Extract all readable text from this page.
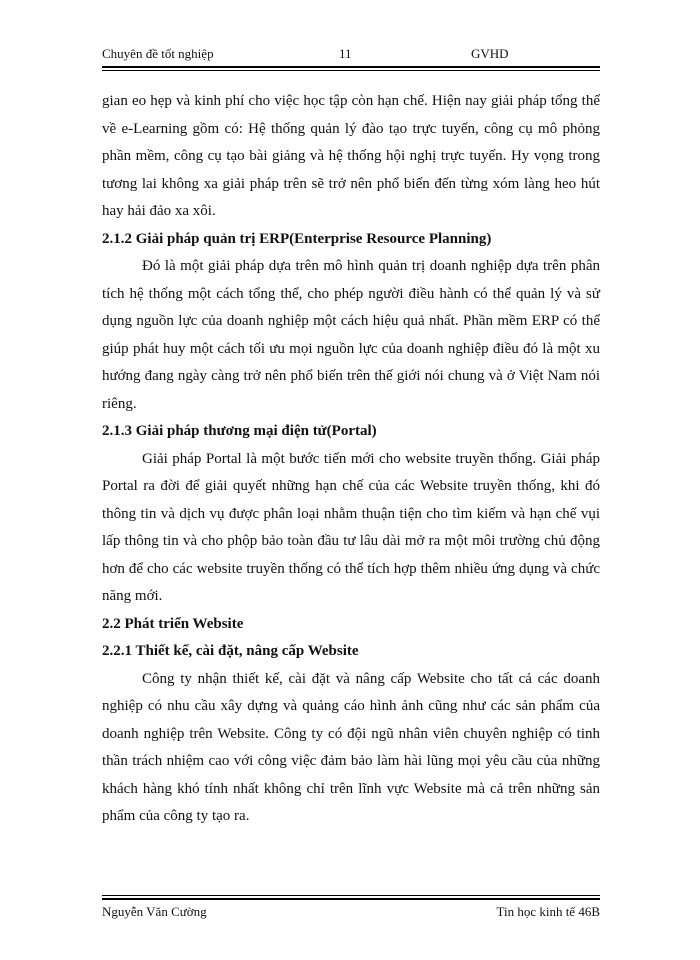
Chuyên đề tốt nghiệp	11	GVHD

gian eo hẹp và kinh phí cho việc học tập còn hạn chế. Hiện nay giải pháp tổng thể về e-Learning gồm có: Hệ thống quản lý đào tạo trực tuyến, công cụ mô phỏng phần mềm, công cụ tạo bài giảng và hệ thống hội nghị trực tuyến. Hy vọng trong tương lai không xa giải pháp trên sẽ trở nên phổ biến đến từng xóm làng heo hút hay hải đảo xa xôi.

2.1.2 Giải pháp quản trị ERP(Enterprise Resource Planning)

Đó là một giải pháp dựa trên mô hình quản trị doanh nghiệp dựa trên phân tích hệ thống một cách tổng thể, cho phép người điều hành có thể quản lý và sử dụng nguồn lực của doanh nghiệp một cách hiệu quả nhất. Phần mềm ERP có thể giúp phát huy một cách tối ưu mọi nguồn lực của doanh nghiệp điều đó là một xu hướng đang ngày càng trở nên phổ biến trên thế giới nói chung và ở Việt Nam nói riêng.

2.1.3 Giải pháp thương mại điện tử(Portal)

Giải pháp Portal là một bước tiến mới cho website truyền thống. Giải pháp Portal ra đời để giải quyết những hạn chế của các Website truyền thống, khi đó thông tin và dịch vụ được phân loại nhằm thuận tiện cho tìm kiếm và hạn chế vụi lấp thông tin và cho phộp bảo toàn đầu tư lâu dài mở ra một môi trường chủ động hơn để cho các website truyền thống có thể tích hợp thêm nhiều ứng dụng và chức năng mới.

2.2 Phát triển Website
2.2.1 Thiết kế, cài đặt, nâng cấp Website

Công ty nhận thiết kế, cài đặt và nâng cấp Website cho tất cả các doanh nghiệp có nhu cầu xây dựng và quảng cáo hình ảnh cũng như các sản phẩm của doanh nghiệp trên Website. Công ty có đội ngũ nhân viên chuyên nghiệp có tinh thần trách nhiệm cao với công việc đảm bảo làm hài lũng mọi yêu cầu của những khách hàng khó tính nhất không chỉ trên lĩnh vực Website mà cả trên những sản phẩm của công ty tạo ra.

Nguyễn Văn Cường	Tin học kinh tế 46B
